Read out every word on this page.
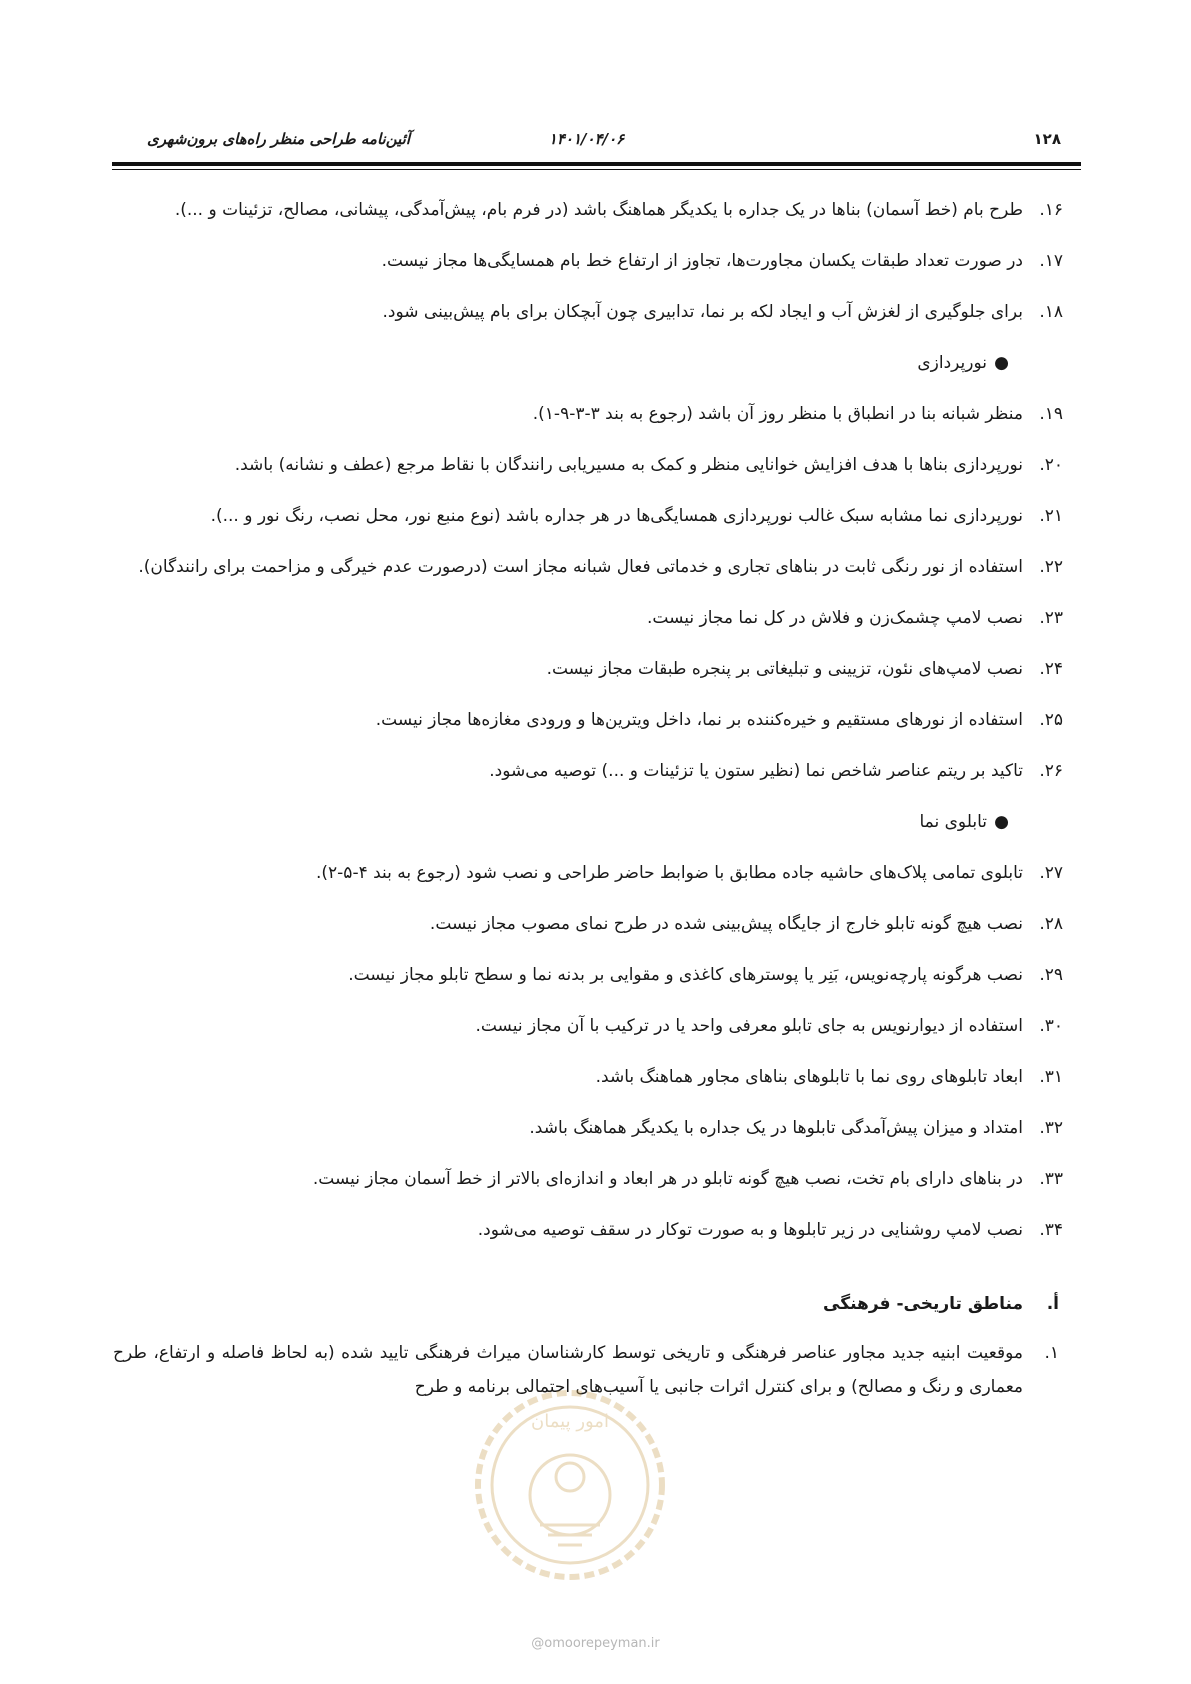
۱۲۸
۱۴۰۱/۰۴/۰۶
آئین‌نامه طراحی منظر راه‌های برون‌شهری
۱۶.
طرح بام (خط آسمان) بناها در یک جداره با یکدیگر هماهنگ باشد (در فرم بام، پیش‌آمدگی، پیشانی، مصالح، تزئینات و ...).
۱۷.
در صورت تعداد طبقات یکسان مجاورت‌ها، تجاوز از ارتفاع خط بام همسایگی‌ها مجاز نیست.
۱۸.
برای جلوگیری از لغزش آب و ایجاد لکه بر نما، تدابیری چون آبچکان برای بام پیش‌بینی شود.
●
نورپردازی
۱۹.
منظر شبانه بنا در انطباق با منظر روز آن باشد (رجوع به بند ۳-۳-۹-۱).
۲۰.
نورپردازی بناها با هدف افزایش خوانایی منظر و کمک به مسیریابی رانندگان با نقاط مرجع (عطف و نشانه) باشد.
۲۱.
نورپردازی نما مشابه سبک غالب نورپردازی همسایگی‌ها در هر جداره باشد (نوع منبع نور، محل نصب، رنگ نور و ...).
۲۲.
استفاده از نور رنگی ثابت در بناهای تجاری و خدماتی فعال شبانه مجاز است (درصورت عدم خیرگی و مزاحمت برای رانندگان).
۲۳.
نصب لامپ چشمک‌زن و فلاش در کل نما مجاز نیست.
۲۴.
نصب لامپ‌های نئون، تزیینی و تبلیغاتی بر پنجره طبقات مجاز نیست.
۲۵.
استفاده از نورهای مستقیم و خیره‌کننده بر نما، داخل ویترین‌ها و ورودی مغازه‌ها مجاز نیست.
۲۶.
تاکید بر ریتم عناصر شاخص نما (نظیر ستون یا تزئینات و ...) توصیه می‌شود.
●
تابلوی نما
۲۷.
تابلوی تمامی پلاک‌های حاشیه جاده مطابق با ضوابط حاضر طراحی و نصب شود (رجوع به بند ۴-۵-۲).
۲۸.
نصب هیچ گونه تابلو خارج از جایگاه پیش‌بینی شده در طرح نمای مصوب مجاز نیست.
۲۹.
نصب هرگونه پارچه‌نویس، بَنِر یا پوسترهای کاغذی و مقوایی بر بدنه نما و سطح تابلو مجاز نیست.
۳۰.
استفاده از دیوارنویس به جای تابلو معرفی واحد یا در ترکیب با آن مجاز نیست.
۳۱.
ابعاد تابلوهای روی نما با تابلوهای بناهای مجاور هماهنگ باشد.
۳۲.
امتداد و میزان پیش‌آمدگی تابلوها در یک جداره با یکدیگر هماهنگ باشد.
۳۳.
در بناهای دارای بام تخت، نصب هیچ گونه تابلو در هر ابعاد و اندازه‌ای بالاتر از خط آسمان مجاز نیست.
۳۴.
نصب لامپ روشنایی در زیر تابلوها و به صورت توکار در سقف توصیه می‌شود.
أ.
مناطق تاریخی- فرهنگی
۱.
موقعیت ابنیه جدید مجاور عناصر فرهنگی و تاریخی توسط کارشناسان میراث فرهنگی تایید شده (به لحاظ فاصله و ارتفاع، طرح معماری و رنگ و مصالح) و برای کنترل اثرات جانبی یا آسیب‌های احتمالی برنامه و طرح
امور پیمان
@omoorepeyman.ir
